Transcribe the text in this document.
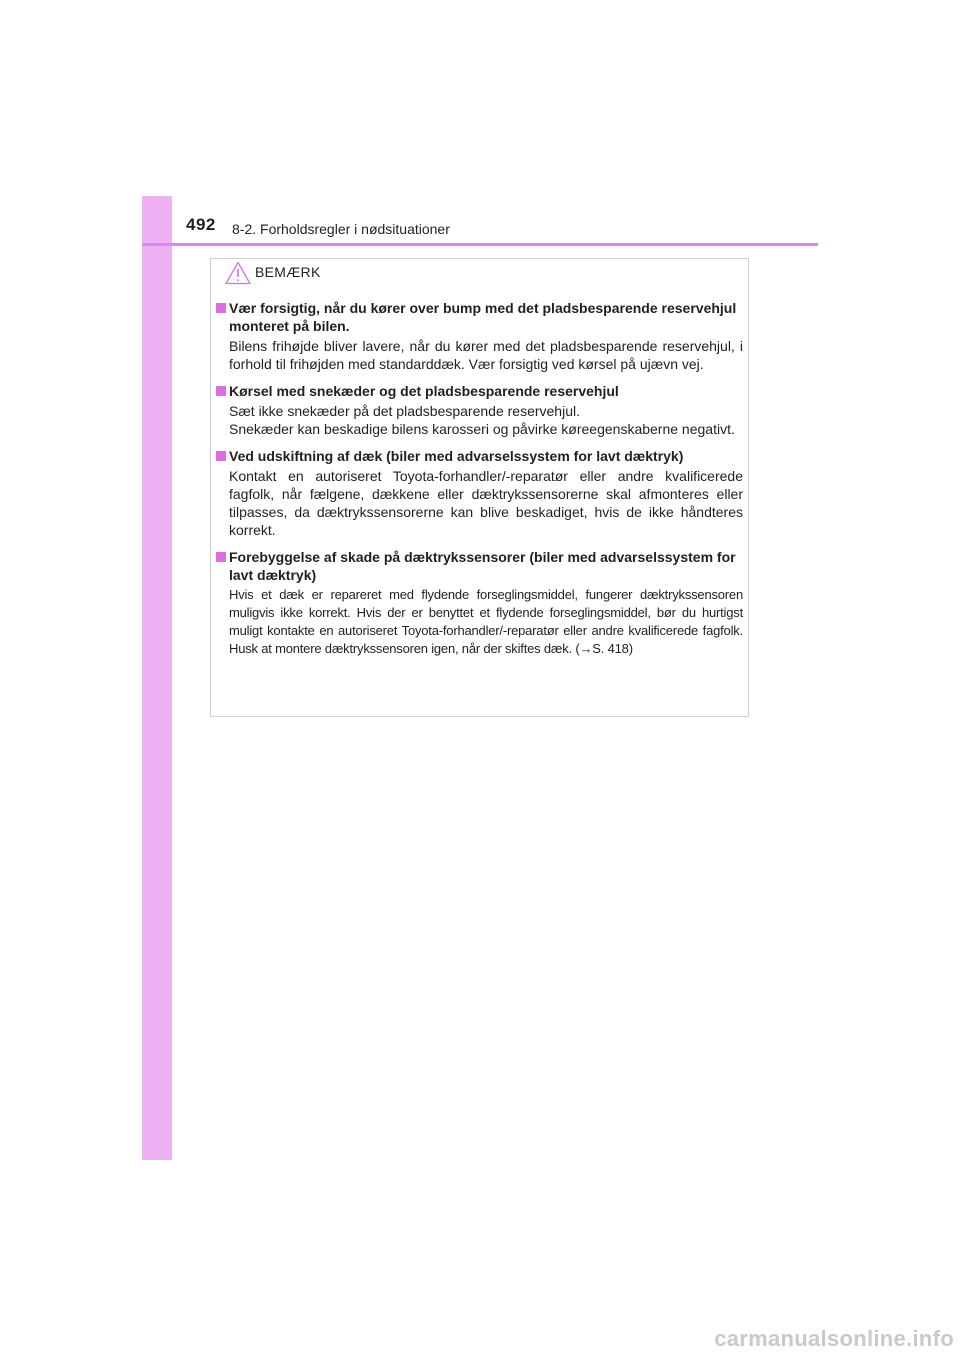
492 8-2. Forholdsregler i nødsituationer
BEMÆRK
Vær forsigtig, når du kører over bump med det pladsbesparende reservehjul monteret på bilen.

Bilens frihøjde bliver lavere, når du kører med det pladsbesparende reservehjul, i forhold til frihøjden med standarddæk. Vær forsigtig ved kørsel på ujævn vej.

Kørsel med snekæder og det pladsbesparende reservehjul

Sæt ikke snekæder på det pladsbesparende reservehjul.

Snekæder kan beskadige bilens karosseri og påvirke køreegenskaberne negativt.

Ved udskiftning af dæk (biler med advarselssystem for lavt dæktryk)

Kontakt en autoriseret Toyota-forhandler/-reparatør eller andre kvalificerede fagfolk, når fælgene, dækkene eller dæktrykssensorerne skal afmonteres eller tilpasses, da dæktrykssensorerne kan blive beskadiget, hvis de ikke håndteres korrekt.

Forebyggelse af skade på dæktrykssensorer (biler med advarselssystem for lavt dæktryk)

Hvis et dæk er repareret med flydende forseglingsmiddel, fungerer dæktrykssensoren muligvis ikke korrekt. Hvis der er benyttet et flydende forseglingsmiddel, bør du hurtigst muligt kontakte en autoriseret Toyota-forhandler/-reparatør eller andre kvalificerede fagfolk. Husk at montere dæktrykssensoren igen, når der skiftes dæk. (→S. 418)

carmanualsonline.info
